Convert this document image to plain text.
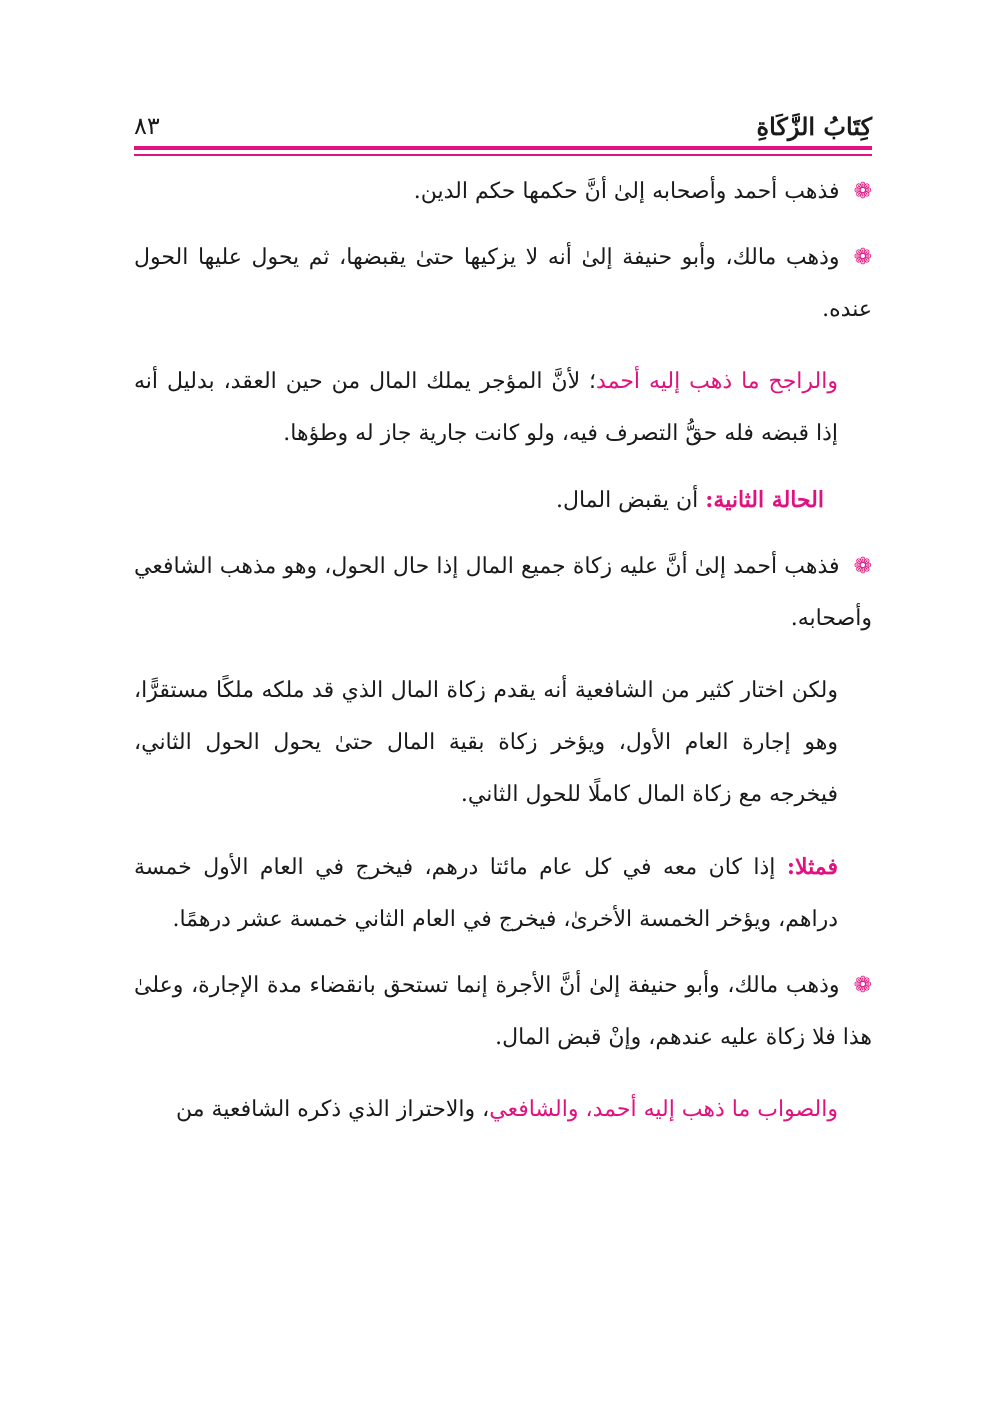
كِتَابُ الزَّكَاةِ
٨٣

❁فذهب أحمد وأصحابه إلىٰ أنَّ حكمها حكم الدين.

❁وذهب مالك، وأبو حنيفة إلىٰ أنه لا يزكيها حتىٰ يقبضها، ثم يحول عليها الحول عنده.

والراجح ما ذهب إليه أحمد؛ لأنَّ المؤجر يملك المال من حين العقد، بدليل أنه إذا قبضه فله حقُّ التصرف فيه، ولو كانت جارية جاز له وطؤها.

الحالة الثانية: أن يقبض المال.

❁فذهب أحمد إلىٰ أنَّ عليه زكاة جميع المال إذا حال الحول، وهو مذهب الشافعي وأصحابه.

ولكن اختار كثير من الشافعية أنه يقدم زكاة المال الذي قد ملكه ملكًا مستقرًّا، وهو إجارة العام الأول، ويؤخر زكاة بقية المال حتىٰ يحول الحول الثاني، فيخرجه مع زكاة المال كاملًا للحول الثاني.

فمثلا: إذا كان معه في كل عام مائتا درهم، فيخرج في العام الأول خمسة دراهم، ويؤخر الخمسة الأخرىٰ، فيخرج في العام الثاني خمسة عشر درهمًا.

❁وذهب مالك، وأبو حنيفة إلىٰ أنَّ الأجرة إنما تستحق بانقضاء مدة الإجارة، وعلىٰ هذا فلا زكاة عليه عندهم، وإنْ قبض المال.

والصواب ما ذهب إليه أحمد، والشافعي، والاحتراز الذي ذكره الشافعية من
